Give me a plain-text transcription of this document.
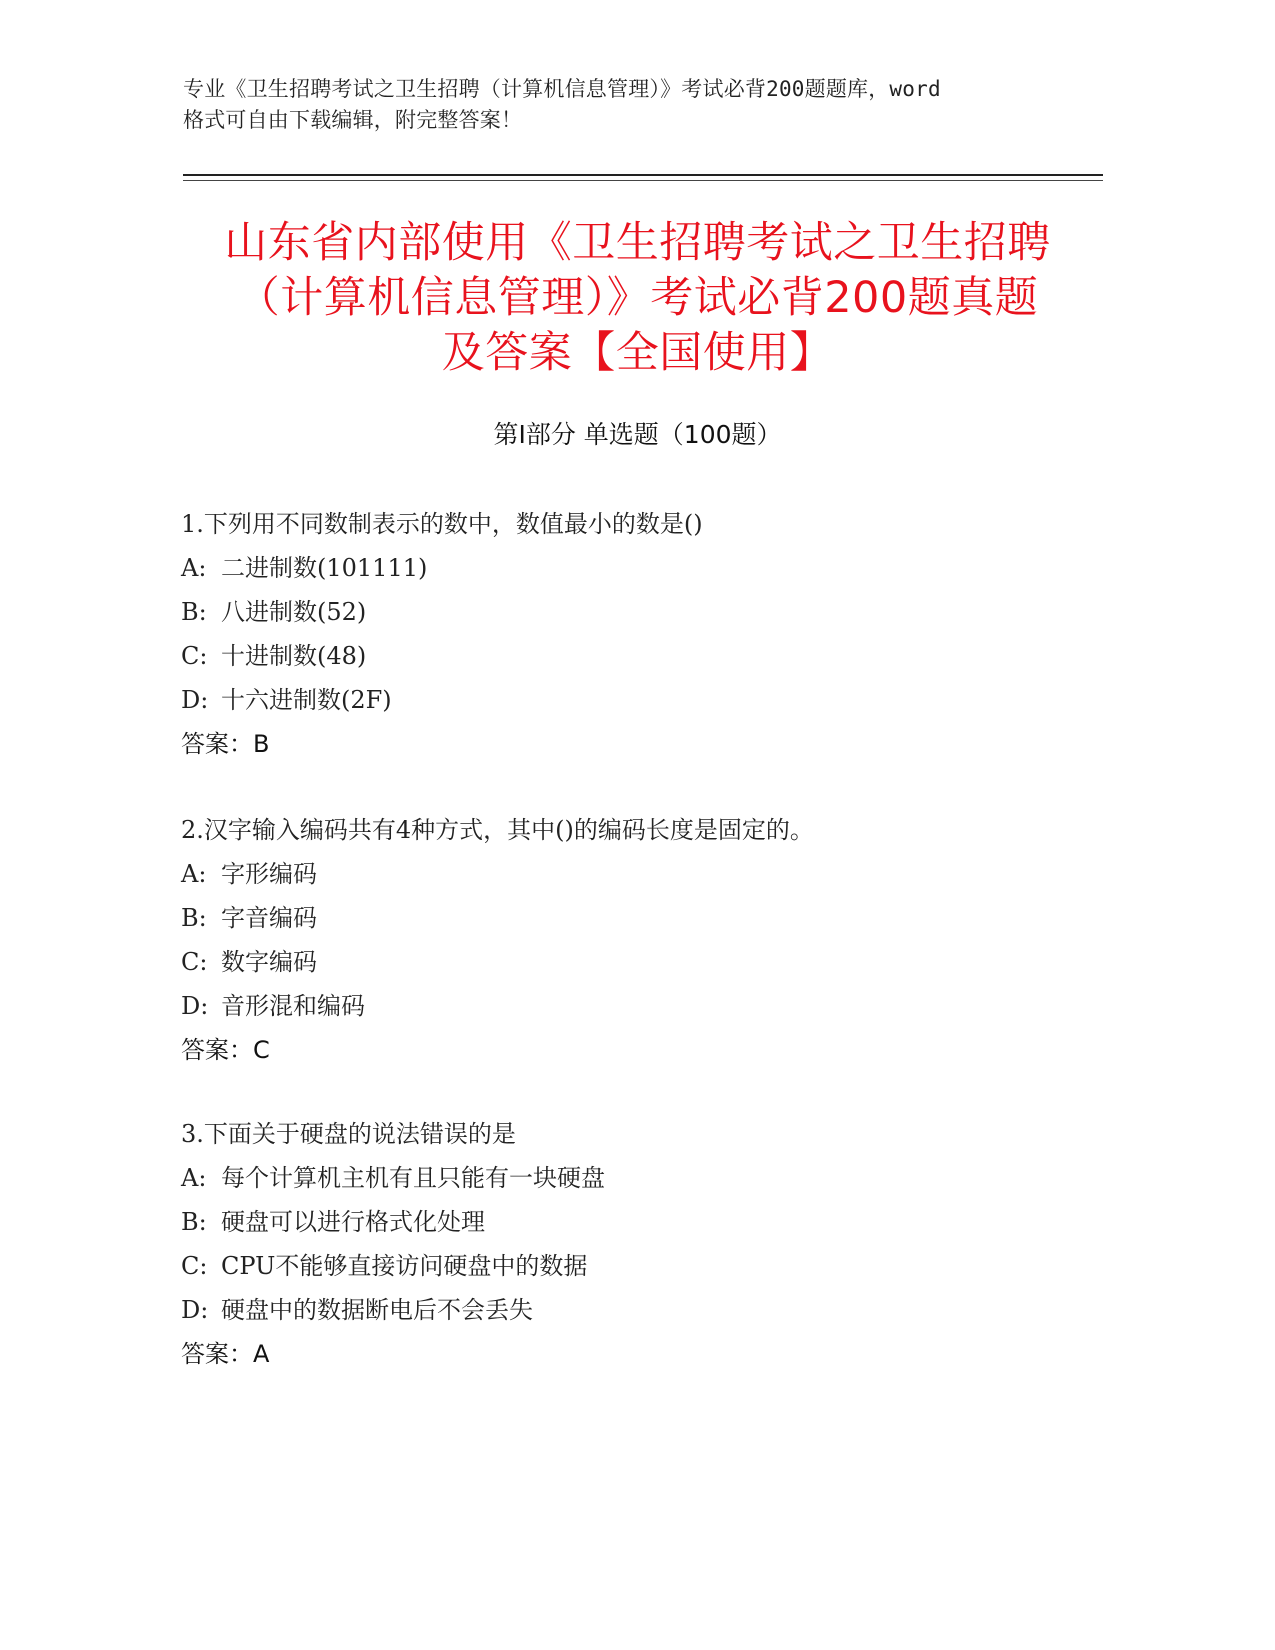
专业《卫生招聘考试之卫生招聘（计算机信息管理）》考试必背200题题库，word
格式可自由下载编辑，附完整答案！
山东省内部使用《卫生招聘考试之卫生招聘
（计算机信息管理）》考试必背200题真题
及答案【全国使用】
第Ⅰ部分 单选题（100题）
1.下列用不同数制表示的数中，数值最小的数是()
A: 二进制数(101111)
B: 八进制数(52)
C: 十进制数(48)
D: 十六进制数(2F)
答案：B
2.汉字输入编码共有4种方式，其中()的编码长度是固定的。
A: 字形编码
B: 字音编码
C: 数字编码
D: 音形混和编码
答案：C
3.下面关于硬盘的说法错误的是
A: 每个计算机主机有且只能有一块硬盘
B: 硬盘可以进行格式化处理
C: CPU不能够直接访问硬盘中的数据
D: 硬盘中的数据断电后不会丢失
答案：A
